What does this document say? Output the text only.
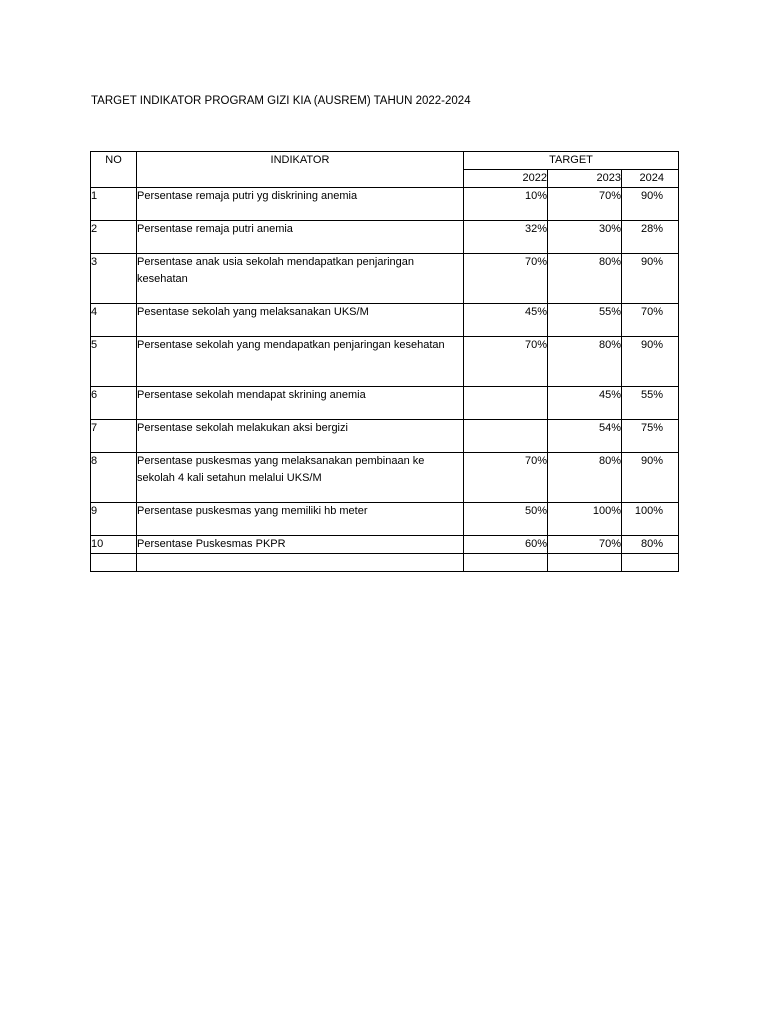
TARGET INDIKATOR PROGRAM GIZI KIA (AUSREM) TAHUN 2022-2024
NO	INDIKATOR	TARGET		
		2022	2023	2024
1	Persentase remaja putri yg diskrining anemia	10%	70%	90%
2	Persentase remaja putri anemia	32%	30%	28%
3	Persentase anak usia sekolah mendapatkan penjaringan kesehatan	70%	80%	90%
4	Pesentase sekolah yang melaksanakan UKS/M	45%	55%	70%
5	Persentase sekolah yang mendapatkan penjaringan kesehatan	70%	80%	90%
6	Persentase sekolah mendapat skrining anemia		45%	55%
7	Persentase sekolah melakukan aksi bergizi		54%	75%
8	Persentase puskesmas yang melaksanakan pembinaan ke sekolah 4 kali setahun melalui UKS/M	70%	80%	90%
9	Persentase puskesmas yang memiliki hb meter	50%	100%	100%
10	Persentase Puskesmas PKPR	60%	70%	80%
